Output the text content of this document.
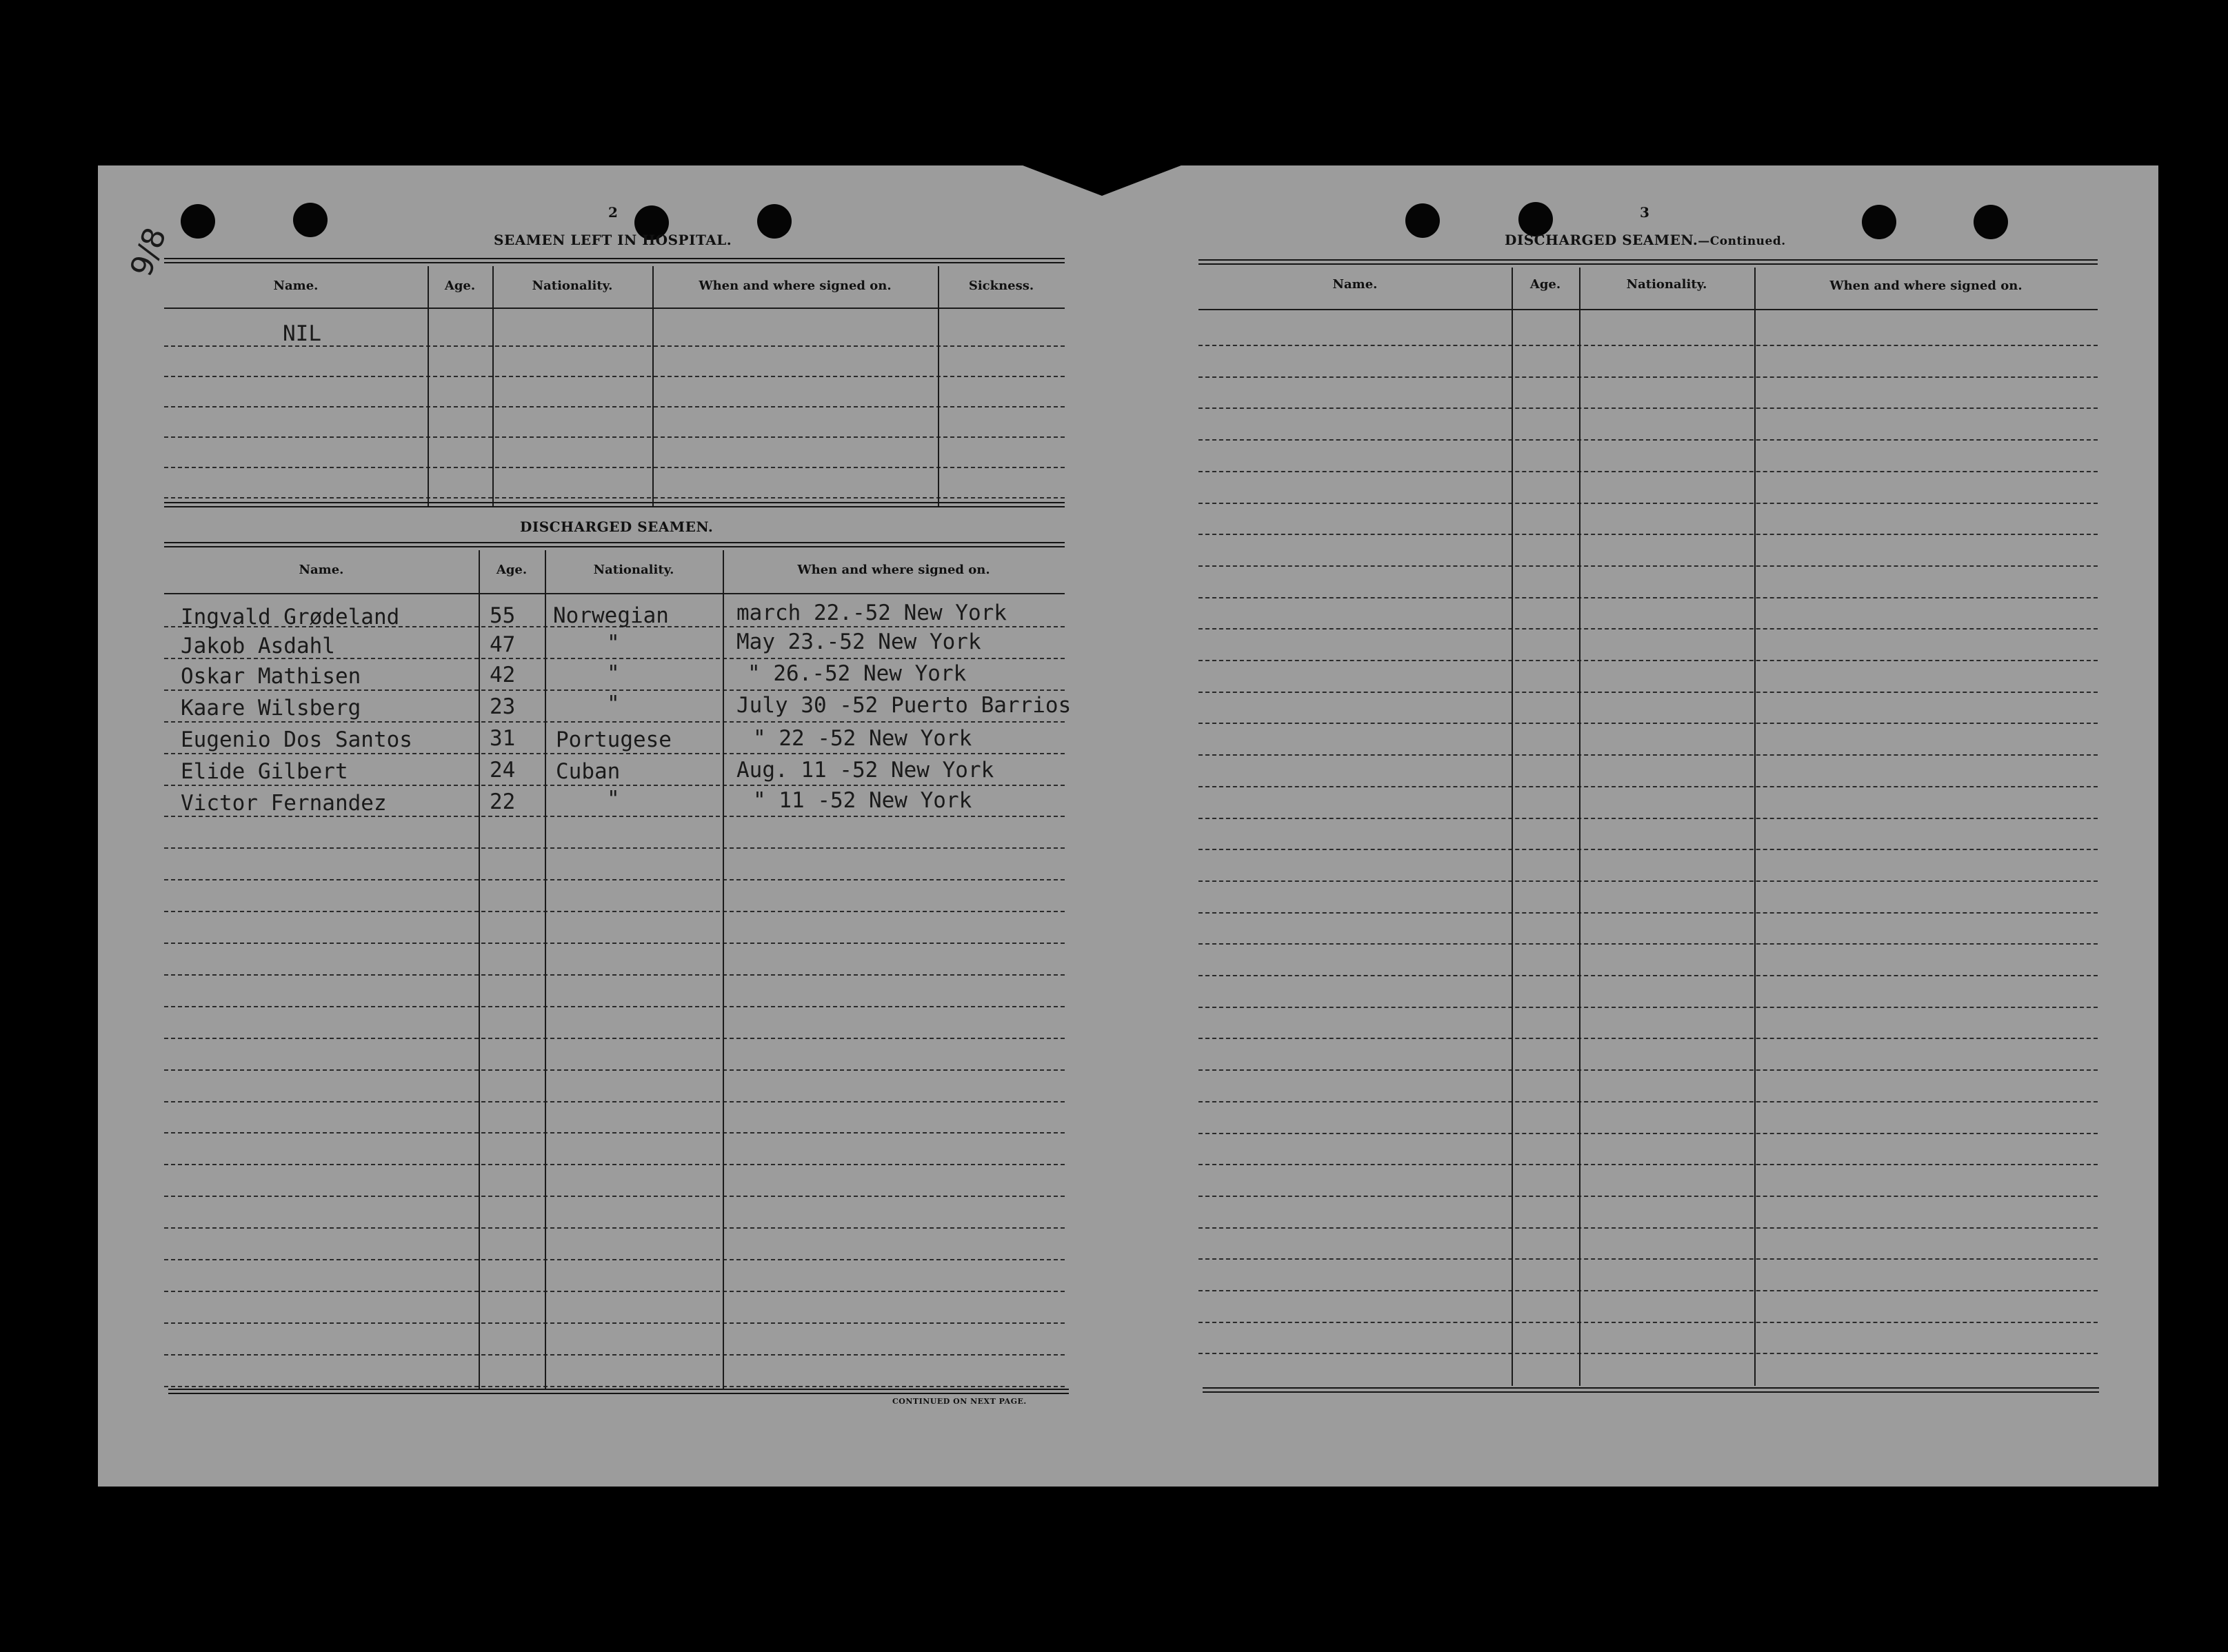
9/8
2
SEAMEN LEFT IN HOSPITAL.
Name.	Age.	Nationality.	When and where signed on.	Sickness.
NIL
DISCHARGED SEAMEN.
Name.	Age.	Nationality.	When and where signed on.
Ingvald Grødeland	55 Norwegian	march 22.-52 New York
Jakob Asdahl	47	"	May 23.-52 New York
Oskar Mathisen	42	"	" 26.-52 New York
Kaare Wilsberg	23	"	July 30 -52 Puerto Barrios
Eugenio Dos Santos	31 Portugese	" 22 -52 New York
Elide Gilbert	24 Cuban	Aug. 11 -52 New York
Victor Fernandez	22	"	" 11 -52 New York
CONTINUED ON NEXT PAGE.
3
DISCHARGED SEAMEN.—Continued.
Name.	Age.	Nationality.	When and where signed on.
